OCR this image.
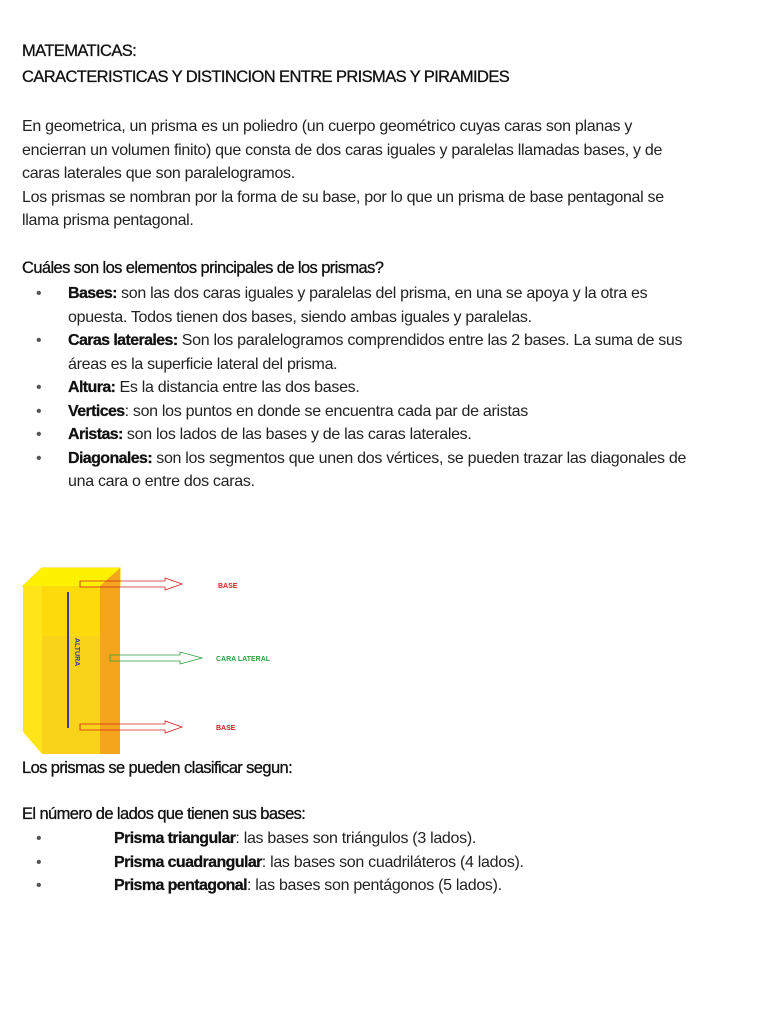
MATEMATICAS:
CARACTERISTICAS Y DISTINCION ENTRE PRISMAS Y PIRAMIDES
En geometrica, un prisma es un poliedro (un cuerpo geométrico cuyas caras son planas y
encierran un volumen finito) que consta de dos caras iguales y paralelas llamadas bases, y de
caras laterales que son paralelogramos.
Los prismas se nombran por la forma de su base, por lo que un prisma de base pentagonal se
llama prisma pentagonal.
Cuáles son los elementos principales de los prismas?
• Bases: son las dos caras iguales y paralelas del prisma, en una se apoya y la otra es
opuesta. Todos tienen dos bases, siendo ambas iguales y paralelas.
• Caras laterales: Son los paralelogramos comprendidos entre las 2 bases. La suma de sus
áreas es la superficie lateral del prisma.
• Altura: Es la distancia entre las dos bases.
• Vertices: son los puntos en donde se encuentra cada par de aristas
• Aristas: son los lados de las bases y de las caras laterales.
• Diagonales: son los segmentos que unen dos vértices, se pueden trazar las diagonales de
una cara o entre dos caras.
ALTURA
BASE
CARA LATERAL
BASE
Los prismas se pueden clasificar segun:
El número de lados que tienen sus bases:
•	Prisma triangular: las bases son triángulos (3 lados).
•	Prisma cuadrangular: las bases son cuadriláteros (4 lados).
•	Prisma pentagonal: las bases son pentágonos (5 lados).
